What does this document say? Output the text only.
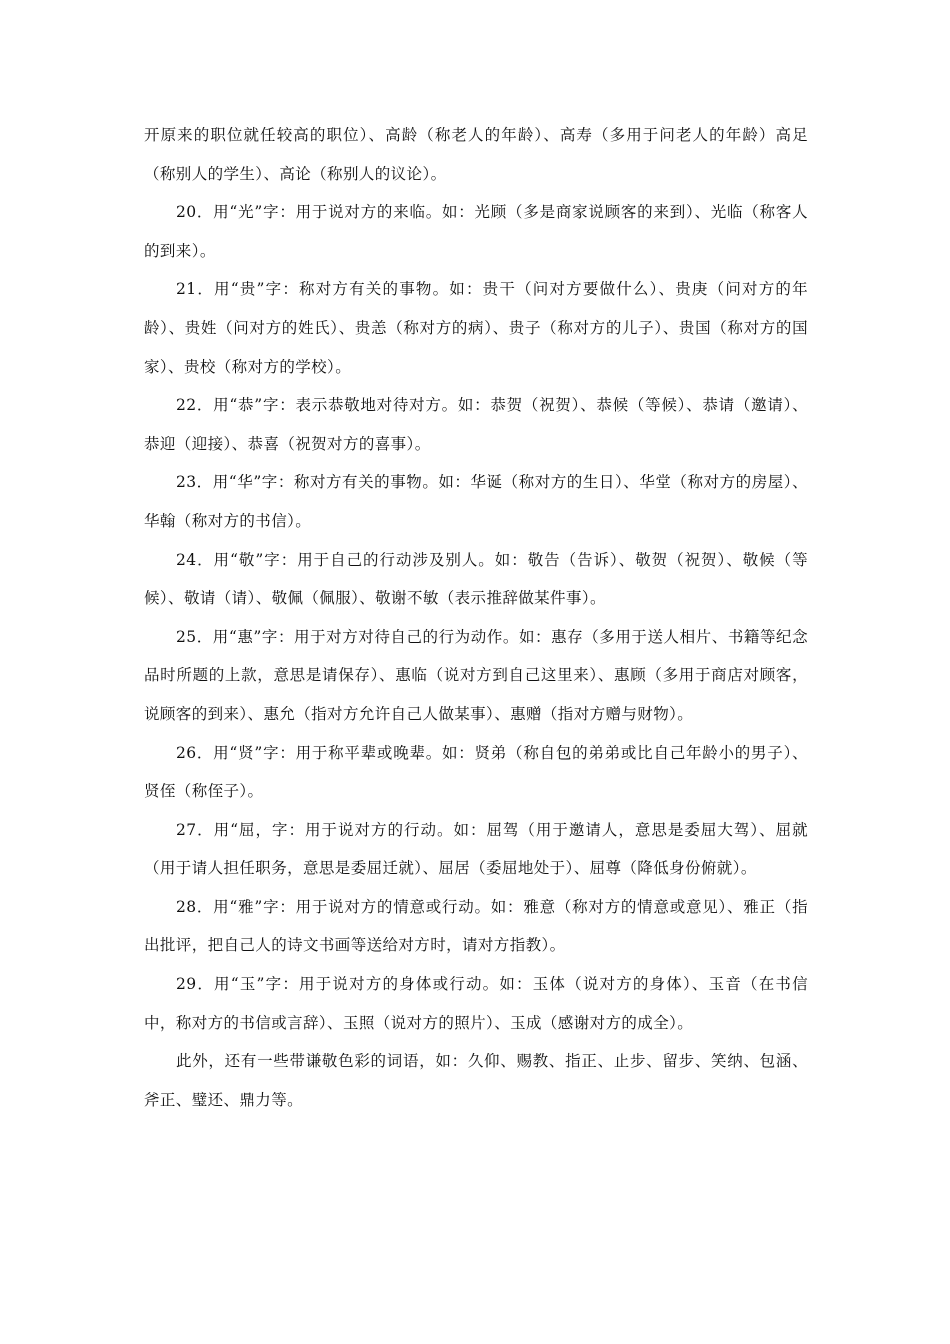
开原来的职位就任较高的职位）、高龄（称老人的年龄）、高寿（多用于问老人的年龄）高足（称别人的学生）、高论（称别人的议论）。

20．用“光”字：用于说对方的来临。如：光顾（多是商家说顾客的来到）、光临（称客人的到来）。

21．用“贵”字：称对方有关的事物。如：贵干（问对方要做什么）、贵庚（问对方的年龄）、贵姓（问对方的姓氏）、贵恙（称对方的病）、贵子（称对方的儿子）、贵国（称对方的国家）、贵校（称对方的学校）。

22．用“恭”字：表示恭敬地对待对方。如：恭贺（祝贺）、恭候（等候）、恭请（邀请）、恭迎（迎接）、恭喜（祝贺对方的喜事）。

23．用“华”字：称对方有关的事物。如：华诞（称对方的生日）、华堂（称对方的房屋）、华翰（称对方的书信）。

24．用“敬”字：用于自己的行动涉及别人。如：敬告（告诉）、敬贺（祝贺）、敬候（等候）、敬请（请）、敬佩（佩服）、敬谢不敏（表示推辞做某件事）。

25．用“惠”字：用于对方对待自己的行为动作。如：惠存（多用于送人相片、书籍等纪念品时所题的上款，意思是请保存）、惠临（说对方到自己这里来）、惠顾（多用于商店对顾客，说顾客的到来）、惠允（指对方允许自己人做某事）、惠赠（指对方赠与财物）。

26．用“贤”字：用于称平辈或晚辈。如：贤弟（称自包的弟弟或比自己年龄小的男子）、贤侄（称侄子）。

27．用“屈，字：用于说对方的行动。如：屈驾（用于邀请人，意思是委屈大驾）、屈就（用于请人担任职务，意思是委屈迁就）、屈居（委屈地处于）、屈尊（降低身份俯就）。

28．用“雅”字：用于说对方的情意或行动。如：雅意（称对方的情意或意见）、雅正（指出批评，把自己人的诗文书画等送给对方时，请对方指教）。

29．用“玉”字：用于说对方的身体或行动。如：玉体（说对方的身体）、玉音（在书信中，称对方的书信或言辞）、玉照（说对方的照片）、玉成（感谢对方的成全）。

此外，还有一些带谦敬色彩的词语，如：久仰、赐教、指正、止步、留步、笑纳、包涵、斧正、璧还、鼎力等。
